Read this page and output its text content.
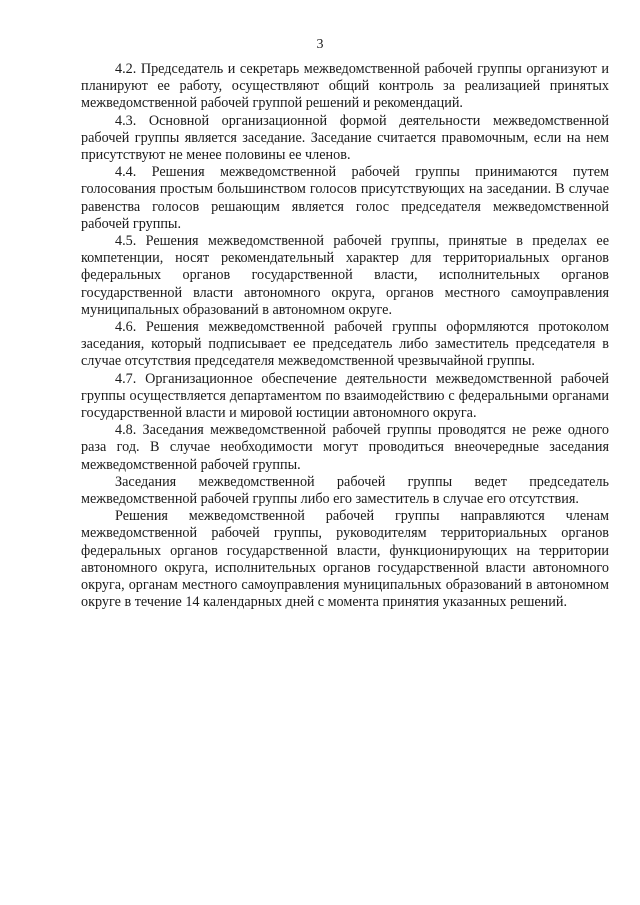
3

4.2. Председатель и секретарь межведомственной рабочей группы организуют и планируют ее работу, осуществляют общий контроль за реализацией принятых межведомственной рабочей группой решений и рекомендаций.

4.3. Основной организационной формой деятельности межведомственной рабочей группы является заседание. Заседание считается правомочным, если на нем присутствуют не менее половины ее членов.

4.4. Решения межведомственной рабочей группы принимаются путем голосования простым большинством голосов присутствующих на заседании. В случае равенства голосов решающим является голос председателя межведомственной рабочей группы.

4.5. Решения межведомственной рабочей группы, принятые в пределах ее компетенции, носят рекомендательный характер для территориальных органов федеральных органов государственной власти, исполнительных органов государственной власти автономного округа, органов местного самоуправления муниципальных образований в автономном округе.

4.6. Решения межведомственной рабочей группы оформляются протоколом заседания, который подписывает ее председатель либо заместитель председателя в случае отсутствия председателя межведомственной чрезвычайной группы.

4.7. Организационное обеспечение деятельности межведомственной рабочей группы осуществляется департаментом по взаимодействию с федеральными органами государственной власти и мировой юстиции автономного округа.

4.8. Заседания межведомственной рабочей группы проводятся не реже одного раза год. В случае необходимости могут проводиться внеочередные заседания межведомственной рабочей группы.

Заседания межведомственной рабочей группы ведет председатель межведомственной рабочей группы либо его заместитель в случае его отсутствия.

Решения межведомственной рабочей группы направляются членам межведомственной рабочей группы, руководителям территориальных органов федеральных органов государственной власти, функционирующих на территории автономного округа, исполнительных органов государственной власти автономного округа, органам местного самоуправления муниципальных образований в автономном округе в течение 14 календарных дней с момента принятия указанных решений.
